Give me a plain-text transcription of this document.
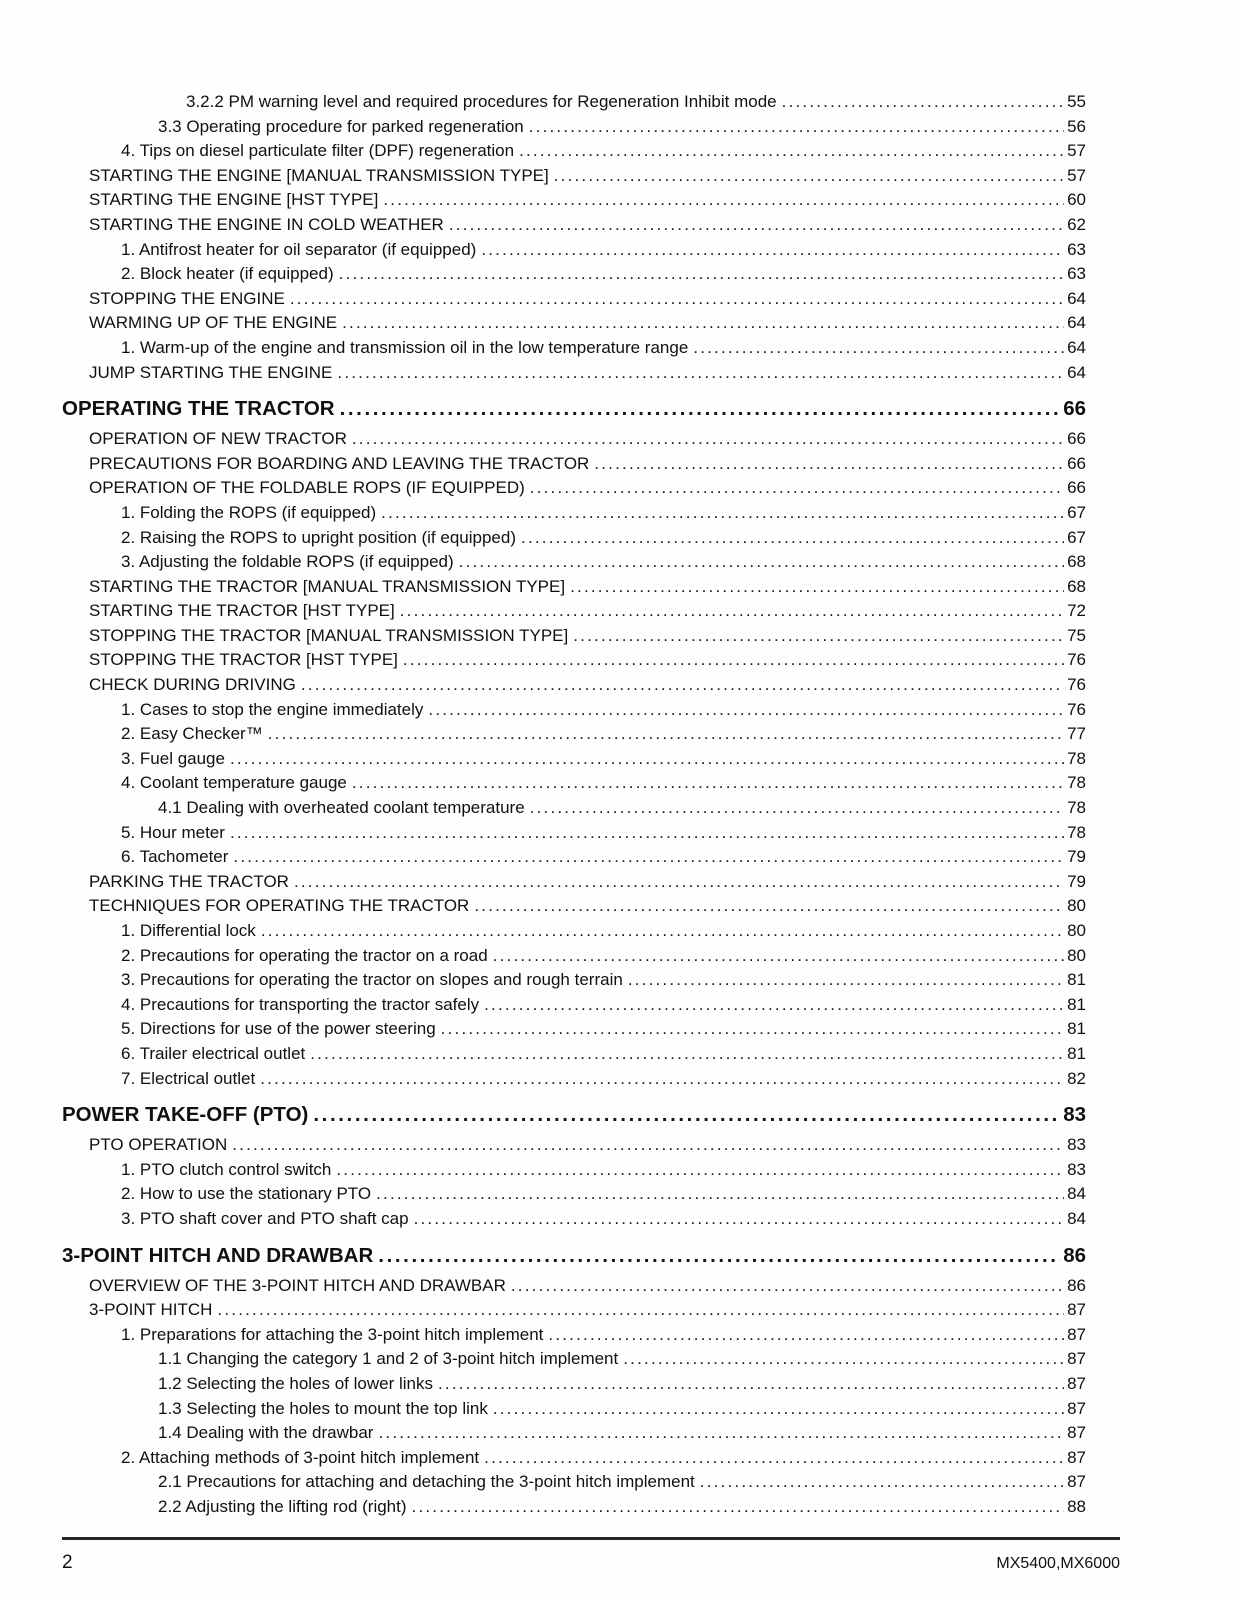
3.2.2 PM warning level and required procedures for Regeneration Inhibit mode .....	55
3.3 Operating procedure for parked regeneration .....	56
4. Tips on diesel particulate filter (DPF) regeneration .....	57
STARTING THE ENGINE [MANUAL TRANSMISSION TYPE] .....	57
STARTING THE ENGINE [HST TYPE] .....	60
STARTING THE ENGINE IN COLD WEATHER .....	62
1. Antifrost heater for oil separator (if equipped) .....	63
2. Block heater (if equipped) .....	63
STOPPING THE ENGINE .....	64
WARMING UP OF THE ENGINE .....	64
1. Warm-up of the engine and transmission oil in the low temperature range .....	64
JUMP STARTING THE ENGINE .....	64
OPERATING THE TRACTOR .....	66
OPERATION OF NEW TRACTOR .....	66
PRECAUTIONS FOR BOARDING AND LEAVING THE TRACTOR .....	66
OPERATION OF THE FOLDABLE ROPS (IF EQUIPPED) .....	66
1. Folding the ROPS (if equipped) .....	67
2. Raising the ROPS to upright position (if equipped) .....	67
3. Adjusting the foldable ROPS (if equipped) .....	68
STARTING THE TRACTOR [MANUAL TRANSMISSION TYPE] .....	68
STARTING THE TRACTOR [HST TYPE] .....	72
STOPPING THE TRACTOR [MANUAL TRANSMISSION TYPE] .....	75
STOPPING THE TRACTOR [HST TYPE] .....	76
CHECK DURING DRIVING .....	76
1. Cases to stop the engine immediately .....	76
2. Easy Checker™ .....	77
3. Fuel gauge .....	78
4. Coolant temperature gauge .....	78
4.1 Dealing with overheated coolant temperature .....	78
5. Hour meter .....	78
6. Tachometer .....	79
PARKING THE TRACTOR .....	79
TECHNIQUES FOR OPERATING THE TRACTOR .....	80
1. Differential lock .....	80
2. Precautions for operating the tractor on a road .....	80
3. Precautions for operating the tractor on slopes and rough terrain .....	81
4. Precautions for transporting the tractor safely .....	81
5. Directions for use of the power steering .....	81
6. Trailer electrical outlet .....	81
7. Electrical outlet .....	82
POWER TAKE-OFF (PTO) .....	83
PTO OPERATION .....	83
1. PTO clutch control switch .....	83
2. How to use the stationary PTO .....	84
3. PTO shaft cover and PTO shaft cap .....	84
3-POINT HITCH AND DRAWBAR .....	86
OVERVIEW OF THE 3-POINT HITCH AND DRAWBAR .....	86
3-POINT HITCH .....	87
1. Preparations for attaching the 3-point hitch implement .....	87
1.1 Changing the category 1 and 2 of 3-point hitch implement .....	87
1.2 Selecting the holes of lower links .....	87
1.3 Selecting the holes to mount the top link .....	87
1.4 Dealing with the drawbar .....	87
2. Attaching methods of 3-point hitch implement .....	87
2.1 Precautions for attaching and detaching the 3-point hitch implement .....	87
2.2 Adjusting the lifting rod (right) .....	88
2	MX5400,MX6000
